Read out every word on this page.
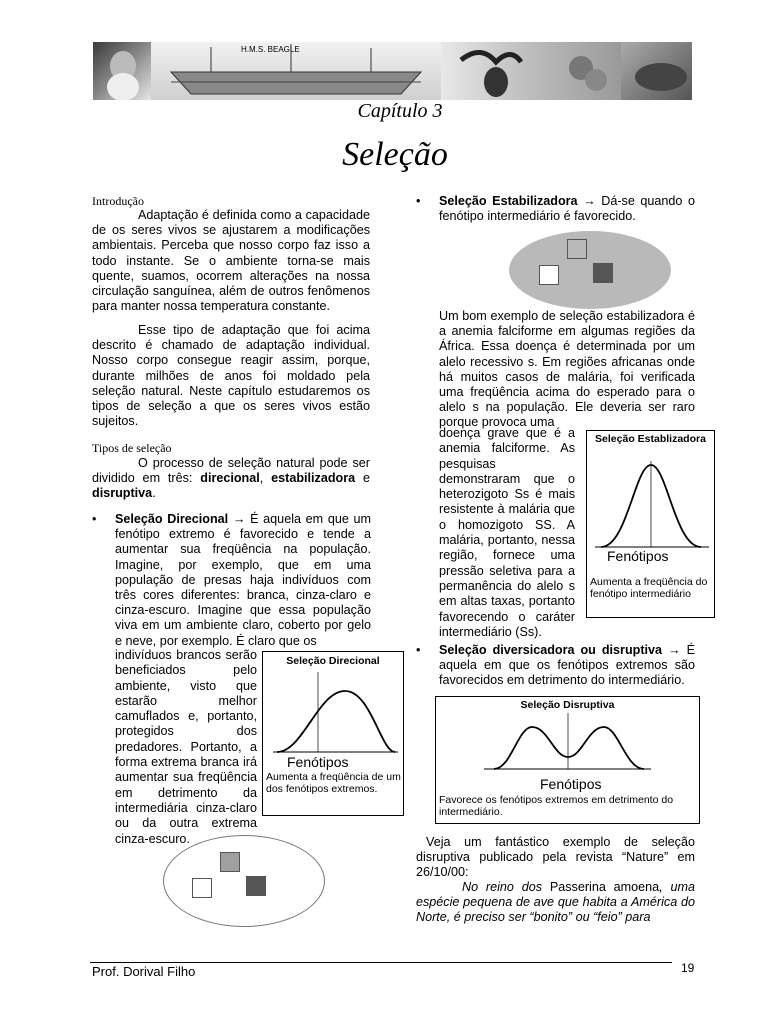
H.M.S. BEAGLE
Capítulo 3
Seleção
Introdução
Adaptação é definida como a capacidade de os seres vivos se ajustarem a modificações ambientais. Perceba que nosso corpo faz isso a todo instante. Se o ambiente torna-se mais quente, suamos, ocorrem alterações na nossa circulação sanguínea, além de outros fenômenos para manter nossa temperatura constante.
Esse tipo de adaptação que foi acima descrito é chamado de adaptação individual. Nosso corpo consegue reagir assim, porque, durante milhões de anos foi moldado pela seleção natural. Neste capítulo estudaremos os tipos de seleção a que os seres vivos estão sujeitos.
Tipos de seleção
O processo de seleção natural pode ser dividido em três: direcional, estabilizadora e disruptiva.
• Seleção Direcional → É aquela em que um fenótipo extremo é favorecido e tende a aumentar sua freqüência na população. Imagine, por exemplo, que em uma população de presas haja indivíduos com três cores diferentes: branca, cinza-claro e cinza-escuro. Imagine que essa população viva em um ambiente claro, coberto por gelo e neve, por exemplo. É claro que os
indivíduos brancos serão beneficiados pelo ambiente, visto que estarão melhor camuflados e, portanto, protegidos dos predadores. Portanto, a forma extrema branca irá aumentar sua freqüência em detrimento da intermediária cinza-claro ou da outra extrema cinza-escuro.
Seleção Direcional
Fenótipos
Aumenta a freqüência de um dos fenótipos extremos.
• Seleção Estabilizadora → Dá-se quando o fenótipo intermediário é favorecido.
Um bom exemplo de seleção estabilizadora é a anemia falciforme em algumas regiões da África. Essa doença é determinada por um alelo recessivo s. Em regiões africanas onde há muitos casos de malária, foi verificada uma freqüência acima do esperado para o alelo s na população. Ele deveria ser raro porque provoca uma
doença grave que é a anemia falciforme. As pesquisas demonstraram que o heterozigoto Ss é mais resistente à malária que o homozigoto SS. A malária, portanto, nessa região, fornece uma pressão seletiva para a permanência do alelo s em altas taxas, portanto favorecendo o caráter intermediário (Ss).
Seleção Establizadora
Fenótipos
Aumenta a freqüência do fenótipo intermediário
• Seleção diversicadora ou disruptiva → É aquela em que os fenótipos extremos são favorecidos em detrimento do intermediário.
Seleção Disruptiva
Fenótipos
Favorece os fenótipos extremos em detrimento do intermediário.
Veja um fantástico exemplo de seleção disruptiva publicado pela revista “Nature” em 26/10/00:
No reino dos Passerina amoena, uma espécie pequena de ave que habita a América do Norte, é preciso ser “bonito” ou “feio” para
Prof. Dorival Filho	19
